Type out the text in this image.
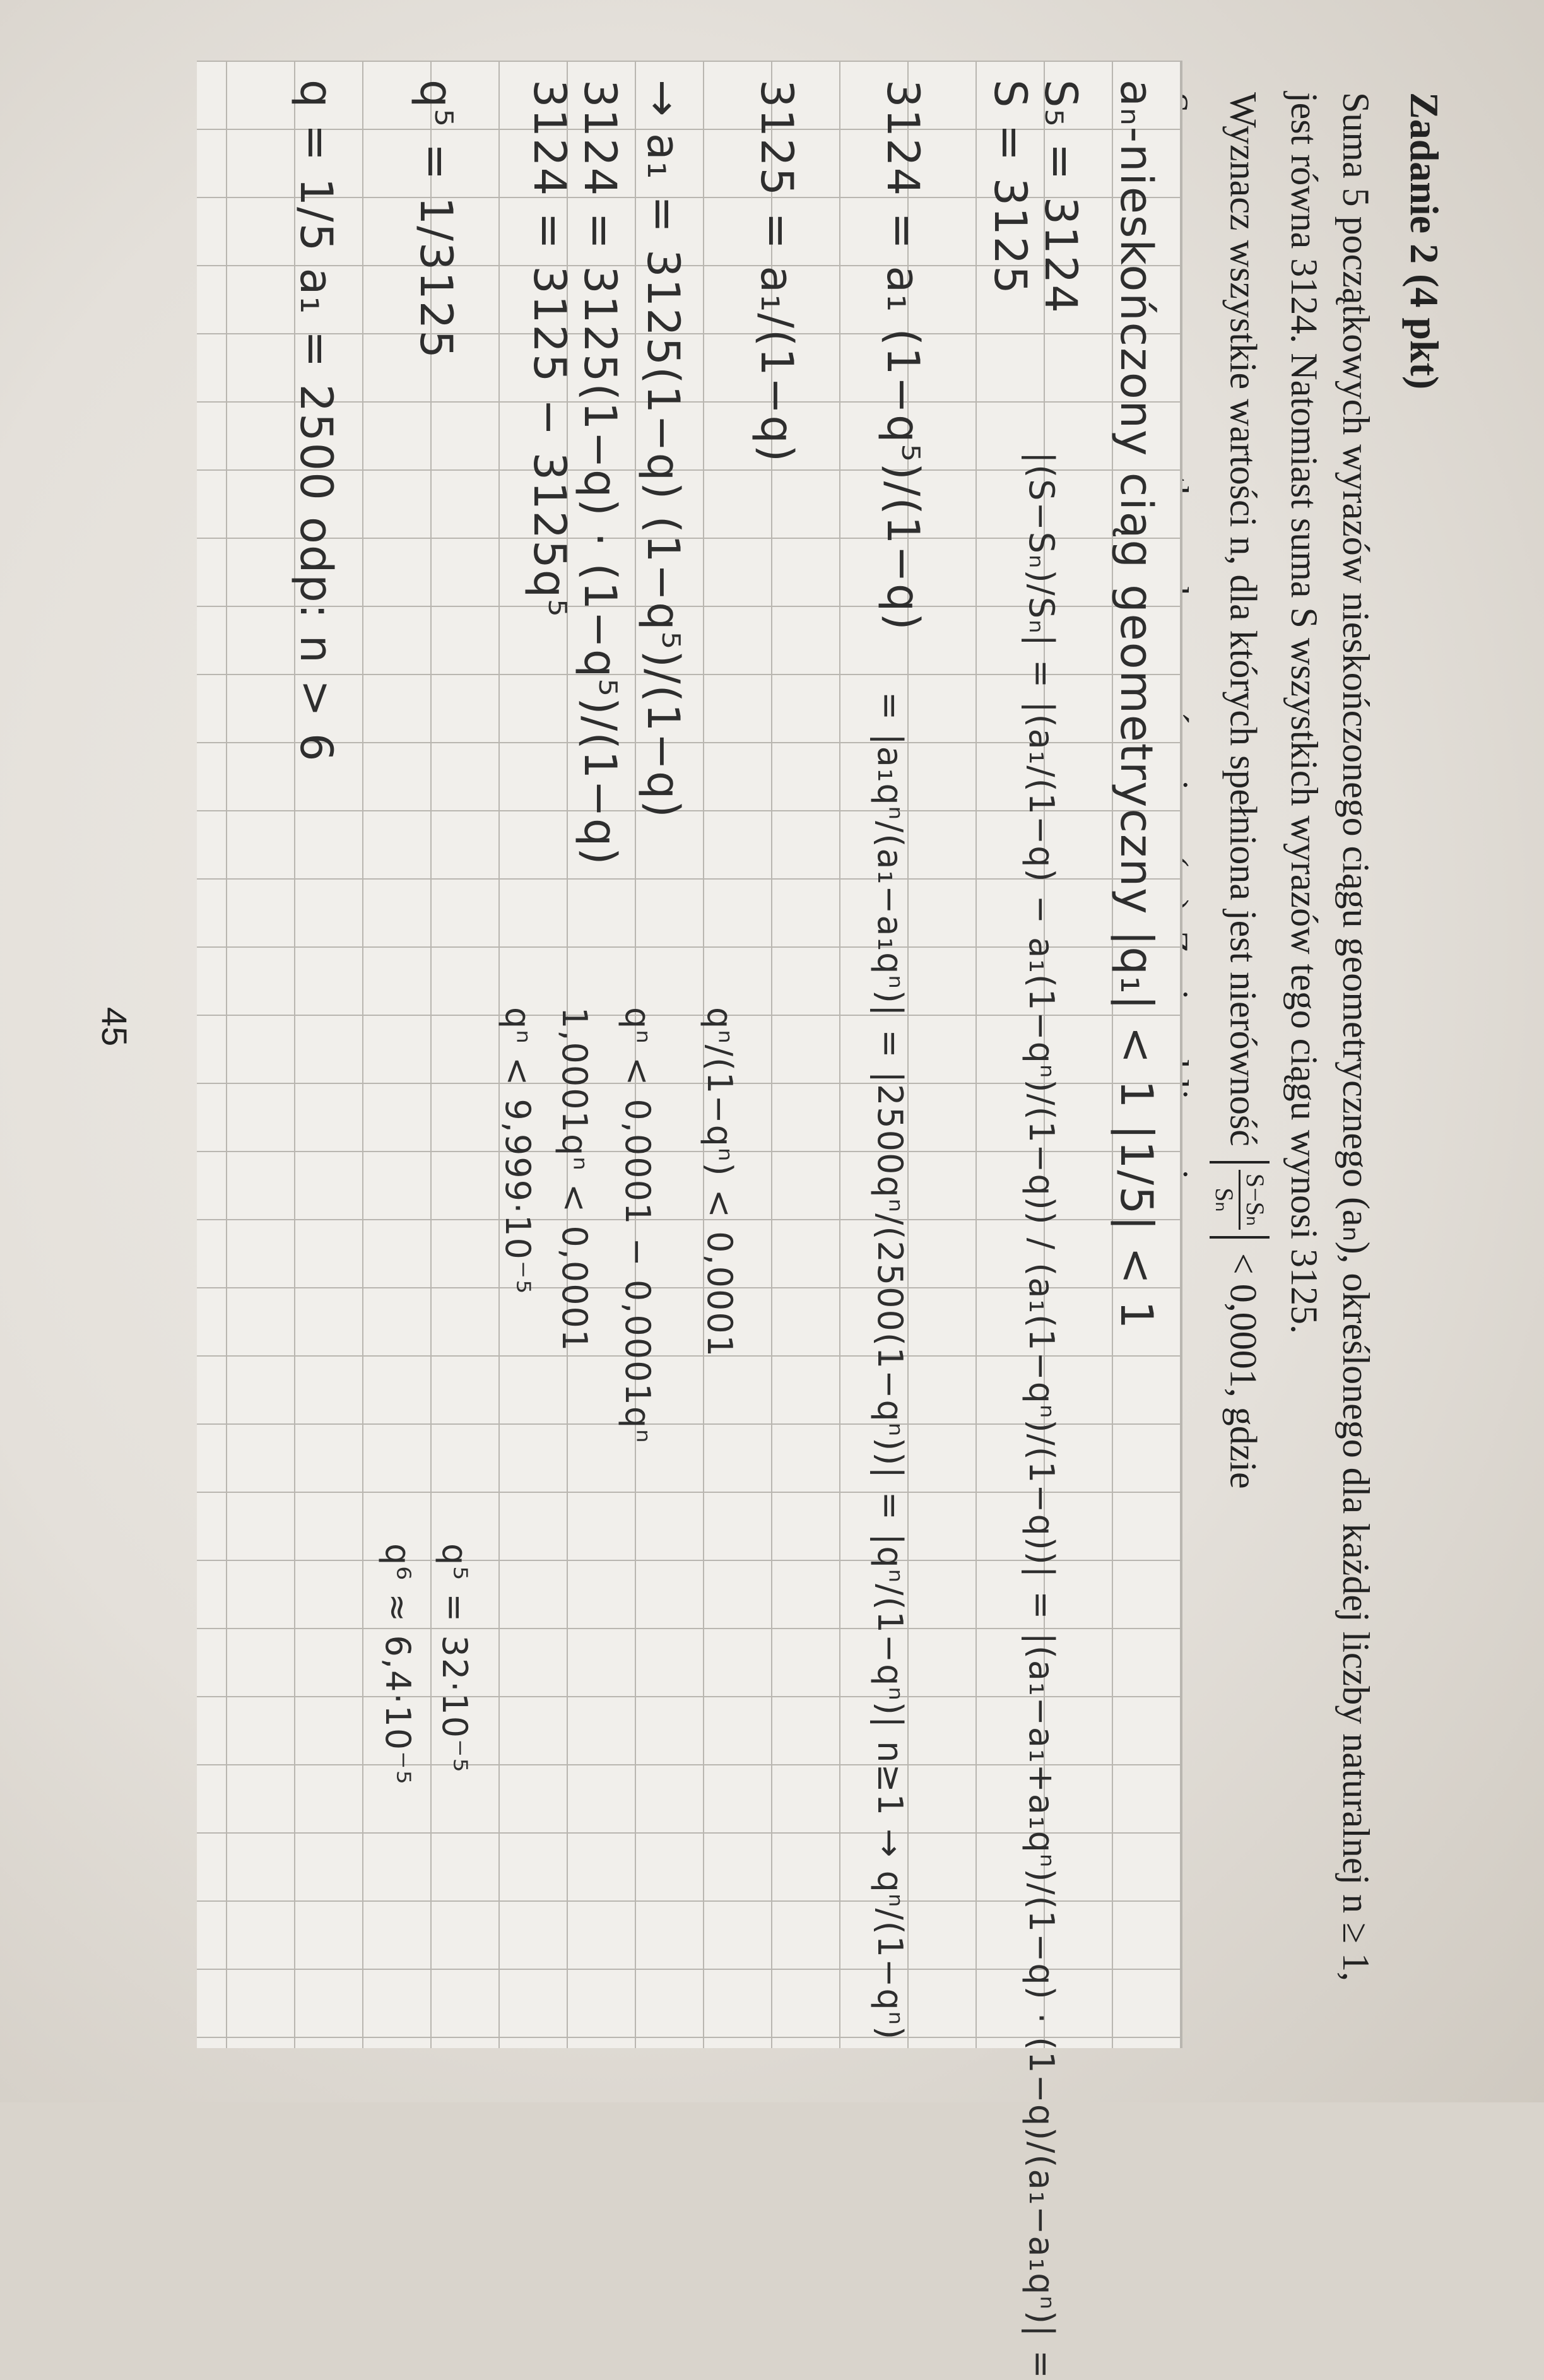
Zadanie 2 (4 pkt)

Suma 5 początkowych wyrazów nieskończonego ciągu geometrycznego (aₙ), określonego dla każdej liczby naturalnej n ≥ 1, jest równa 3124. Natomiast suma S wszystkich wyrazów tego ciągu wynosi 3125.

Wyznacz wszystkie wartości n, dla których spełniona jest nierówność
S−Sₙ
Sₙ < 0,0001, gdzie

aₙ-nieskończony ciąg geometryczny |q₁| < 1 |1/5| < 1
S₅ = 3124
S = 3125
|(S−Sₙ)/Sₙ| = |(a₁/(1−q) − a₁(1−qⁿ)/(1−q)) / (a₁(1−qⁿ)/(1−q))| = |(a₁−a₁+a₁qⁿ)/(1−q) · (1−q)/(a₁−a₁qⁿ)| =
3124 = a₁ (1−q⁵)/(1−q)
= |a₁qⁿ/(a₁−a₁qⁿ)| = |2500qⁿ/(2500(1−qⁿ))| = |qⁿ/(1−qⁿ)| n≥1 → qⁿ/(1−qⁿ)
3125 = a₁/(1−q)
→ a₁ = 3125(1−q) (1−q⁵)/(1−q)
qⁿ/(1−qⁿ) < 0,0001
3124 = 3125(1−q) · (1−q⁵)/(1−q)
qⁿ < 0,0001 − 0,0001qⁿ
3124 = 3125 − 3125q⁵
1,0001qⁿ < 0,0001
qⁿ < 9,999·10⁻⁵
q⁵ = 1/3125
q⁵ = 32·10⁻⁵
q⁶ ≈ 6,4·10⁻⁵
q = 1/5 a₁ = 2500 odp: n > 6
45
